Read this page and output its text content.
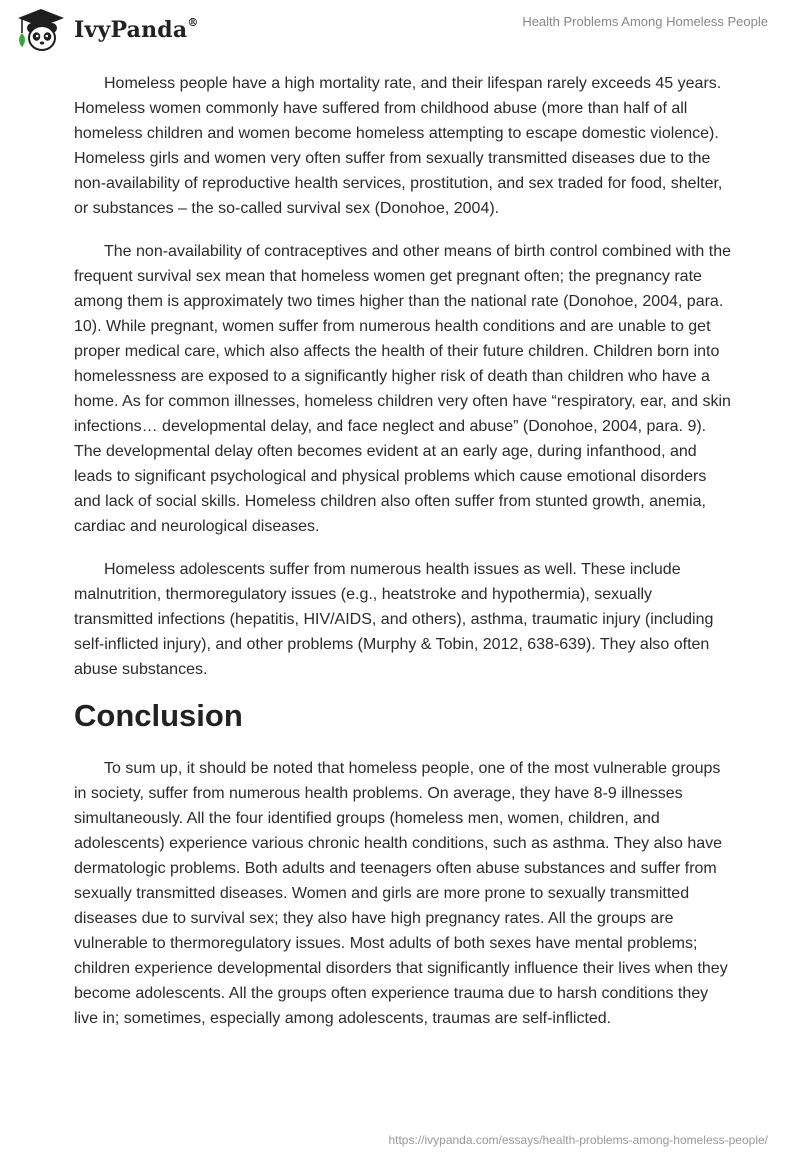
IvyPanda®	Health Problems Among Homeless People

Homeless people have a high mortality rate, and their lifespan rarely exceeds 45 years. Homeless women commonly have suffered from childhood abuse (more than half of all homeless children and women become homeless attempting to escape domestic violence). Homeless girls and women very often suffer from sexually transmitted diseases due to the non-availability of reproductive health services, prostitution, and sex traded for food, shelter, or substances – the so-called survival sex (Donohoe, 2004).

The non-availability of contraceptives and other means of birth control combined with the frequent survival sex mean that homeless women get pregnant often; the pregnancy rate among them is approximately two times higher than the national rate (Donohoe, 2004, para. 10). While pregnant, women suffer from numerous health conditions and are unable to get proper medical care, which also affects the health of their future children. Children born into homelessness are exposed to a significantly higher risk of death than children who have a home. As for common illnesses, homeless children very often have “respiratory, ear, and skin infections… developmental delay, and face neglect and abuse” (Donohoe, 2004, para. 9). The developmental delay often becomes evident at an early age, during infanthood, and leads to significant psychological and physical problems which cause emotional disorders and lack of social skills. Homeless children also often suffer from stunted growth, anemia, cardiac and neurological diseases.

Homeless adolescents suffer from numerous health issues as well. These include malnutrition, thermoregulatory issues (e.g., heatstroke and hypothermia), sexually transmitted infections (hepatitis, HIV/AIDS, and others), asthma, traumatic injury (including self-inflicted injury), and other problems (Murphy & Tobin, 2012, 638-639). They also often abuse substances.

Conclusion

To sum up, it should be noted that homeless people, one of the most vulnerable groups in society, suffer from numerous health problems. On average, they have 8-9 illnesses simultaneously. All the four identified groups (homeless men, women, children, and adolescents) experience various chronic health conditions, such as asthma. They also have dermatologic problems. Both adults and teenagers often abuse substances and suffer from sexually transmitted diseases. Women and girls are more prone to sexually transmitted diseases due to survival sex; they also have high pregnancy rates. All the groups are vulnerable to thermoregulatory issues. Most adults of both sexes have mental problems; children experience developmental disorders that significantly influence their lives when they become adolescents. All the groups often experience trauma due to harsh conditions they live in; sometimes, especially among adolescents, traumas are self-inflicted.

https://ivypanda.com/essays/health-problems-among-homeless-people/
